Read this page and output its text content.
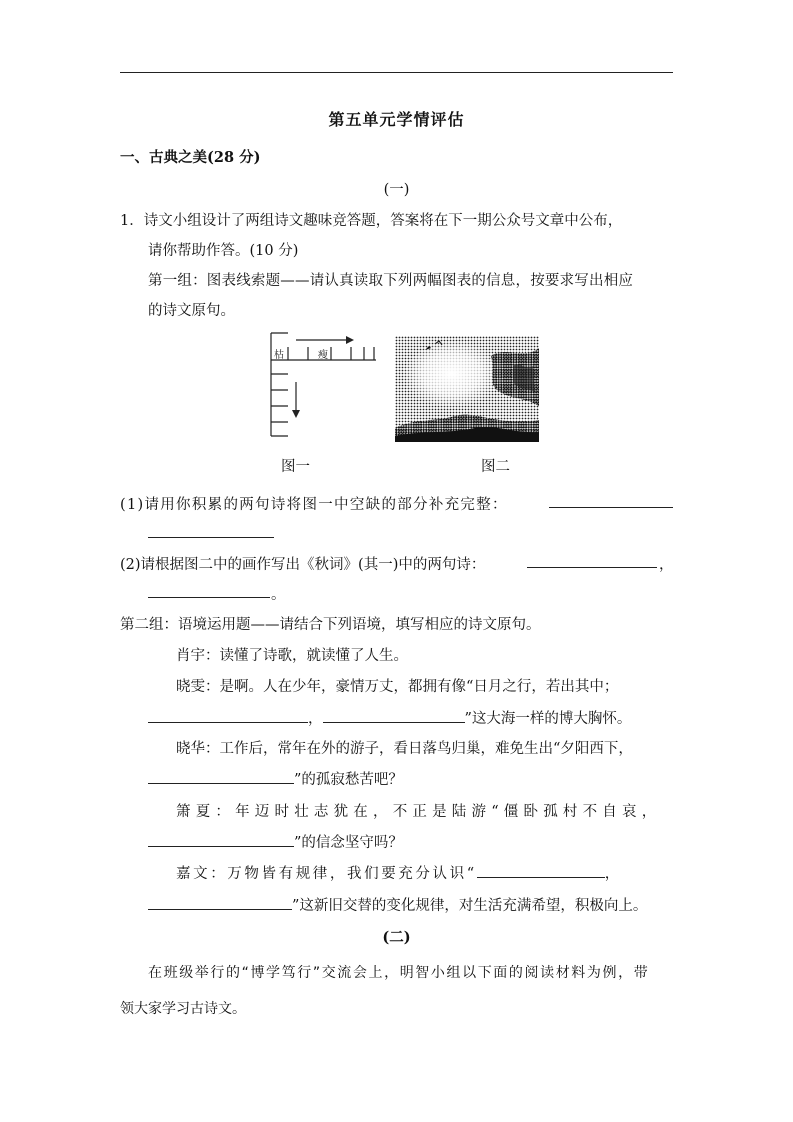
第五单元学情评估
一、古典之美(28 分)
(一)
1．诗文小组设计了两组诗文趣味竞答题，答案将在下一期公众号文章中公布，
请你帮助作答。(10 分)
第一组：图表线索题——请认真读取下列两幅图表的信息，按要求写出相应
的诗文原句。
枯	瘦
图一	图二
(1)请用你积累的两句诗将图一中空缺的部分补充完整：
(2)请根据图二中的画作写出《秋词》(其一)中的两句诗：	，
。
第二组：语境运用题——请结合下列语境，填写相应的诗文原句。
肖宇：读懂了诗歌，就读懂了人生。
晓雯：是啊。人在少年，豪情万丈，都拥有像“日月之行，若出其中；
，	”这大海一样的博大胸怀。
晓华：工作后，常年在外的游子，看日落鸟归巢，难免生出“夕阳西下，
”的孤寂愁苦吧？
箫夏：年迈时壮志犹在，不正是陆游“僵卧孤村不自哀，
”的信念坚守吗？
嘉文：万物皆有规律，我们要充分认识“	，
”这新旧交替的变化规律，对生活充满希望，积极向上。
(二)
在班级举行的“博学笃行”交流会上，明智小组以下面的阅读材料为例，带
领大家学习古诗文。
